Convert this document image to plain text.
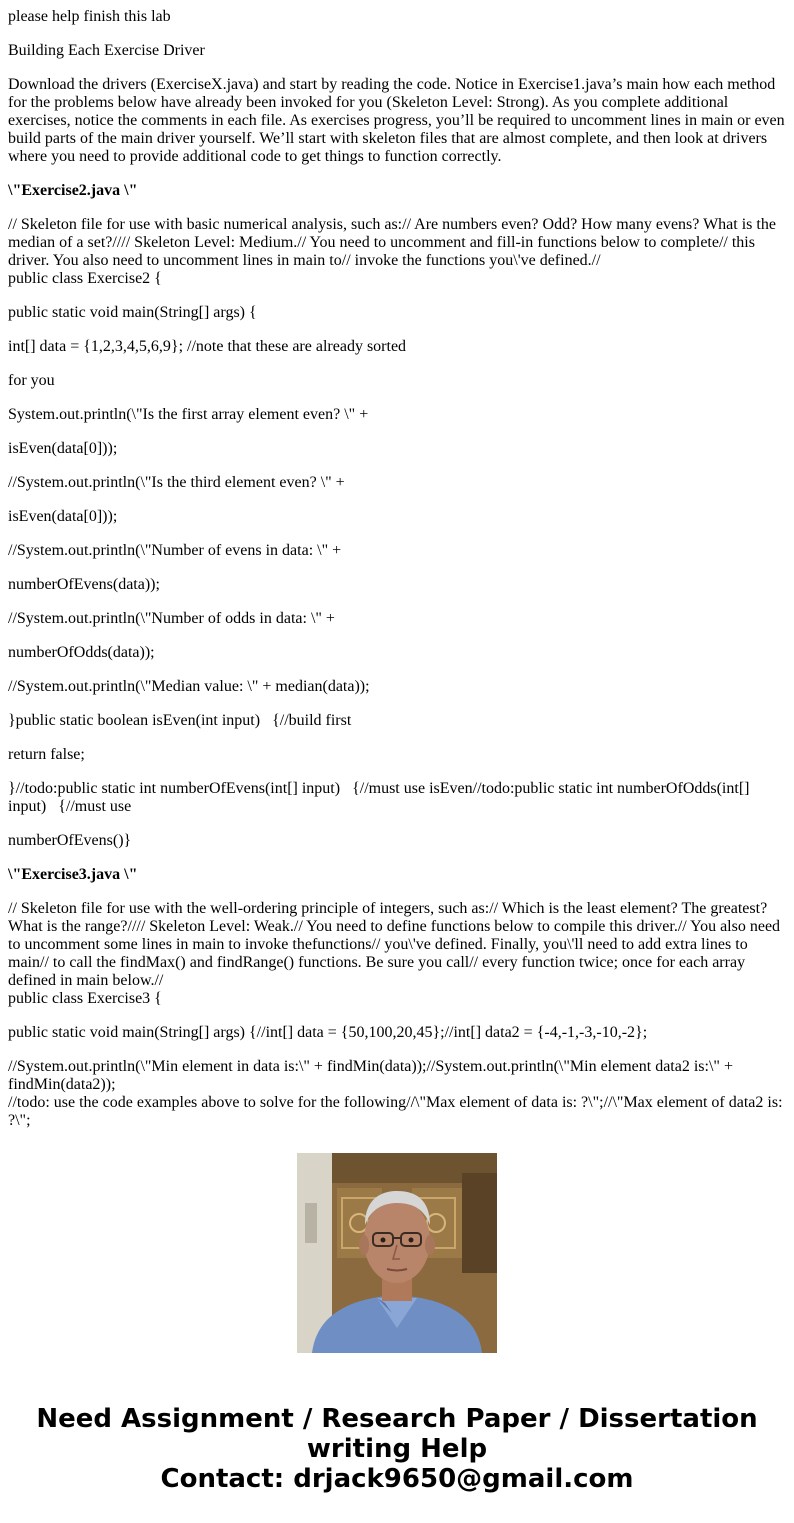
please help finish this lab

Building Each Exercise Driver

Download the drivers (ExerciseX.java) and start by reading the code. Notice in Exercise1.java’s main how each method for the problems below have already been invoked for you (Skeleton Level: Strong). As you complete additional exercises, notice the comments in each file. As exercises progress, you’ll be required to uncomment lines in main or even build parts of the main driver yourself. We’ll start with skeleton files that are almost complete, and then look at drivers where you need to provide additional code to get things to function correctly.

\"Exercise2.java \"

// Skeleton file for use with basic numerical analysis, such as:// Are numbers even? Odd? How many evens? What is the median of a set?//// Skeleton Level: Medium.// You need to uncomment and fill-in functions below to complete// this driver. You also need to uncomment lines in main to// invoke the functions you\'ve defined.//

public class Exercise2 {

public static void main(String[] args) {

int[] data = {1,2,3,4,5,6,9}; //note that these are already sorted

for you

System.out.println(\"Is the first array element even? \" +

isEven(data[0]));

//System.out.println(\"Is the third element even? \" +

isEven(data[0]));

//System.out.println(\"Number of evens in data: \" +

numberOfEvens(data));

//System.out.println(\"Number of odds in data: \" +

numberOfOdds(data));

//System.out.println(\"Median value: \" + median(data));

}public static boolean isEven(int input)   {//build first

return false;

}//todo:public static int numberOfEvens(int[] input)   {//must use isEven//todo:public static int numberOfOdds(int[] input)   {//must use

numberOfEvens()}

\"Exercise3.java \"

// Skeleton file for use with the well-ordering principle of integers, such as:// Which is the least element? The greatest? What is the range?//// Skeleton Level: Weak.// You need to define functions below to compile this driver.// You also need to uncomment some lines in main to invoke thefunctions// you\'ve defined. Finally, you\'ll need to add extra lines to main// to call the findMax() and findRange() functions. Be sure you call// every function twice; once for each array defined in main below.//

public class Exercise3 {

public static void main(String[] args) {//int[] data = {50,100,20,45};//int[] data2 = {-4,-1,-3,-10,-2};

//System.out.println(\"Min element in data is:\" + findMin(data));//System.out.println(\"Min element data2 is:\" + findMin(data2));

//todo: use the code examples above to solve for the following//\"Max element of data is: ?\";//\"Max element of data2 is: ?\";

Need Assignment / Research Paper / Dissertation
writing Help
Contact: drjack9650@gmail.com
